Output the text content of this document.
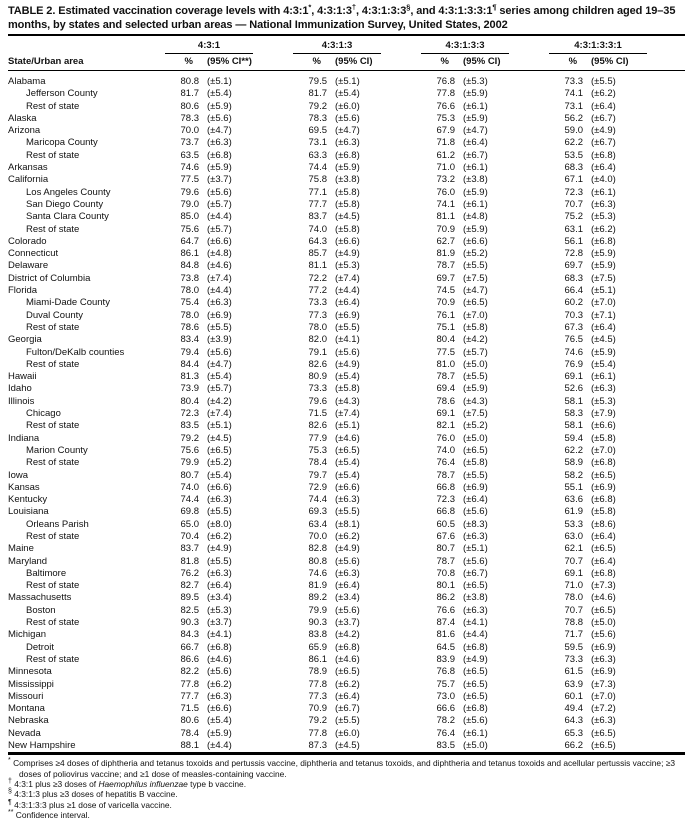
TABLE 2. Estimated vaccination coverage levels with 4:3:1*, 4:3:1:3†, 4:3:1:3:3§, and 4:3:1:3:3:1¶ series among children aged 19–35 months, by states and selected urban areas — National Immunization Survey, United States, 2002

	4:3:1		4:3:1:3		4:3:1:3:3		4:3:1:3:3:1	

State/Urban area	%	(95% CI**)	%	(95% CI)	%	(95% CI)	%	(95% CI)
Alabama	80.8	(±5.1)	79.5	(±5.1)	76.8	(±5.3)	73.3	(±5.5)
Jefferson County	81.7	(±5.4)	81.7	(±5.4)	77.8	(±5.9)	74.1	(±6.2)
Rest of state	80.6	(±5.9)	79.2	(±6.0)	76.6	(±6.1)	73.1	(±6.4)
Alaska	78.3	(±5.6)	78.3	(±5.6)	75.3	(±5.9)	56.2	(±6.7)
Arizona	70.0	(±4.7)	69.5	(±4.7)	67.9	(±4.7)	59.0	(±4.9)
Maricopa County	73.7	(±6.3)	73.1	(±6.3)	71.8	(±6.4)	62.2	(±6.7)
Rest of state	63.5	(±6.8)	63.3	(±6.8)	61.2	(±6.7)	53.5	(±6.8)
Arkansas	74.6	(±5.9)	74.4	(±5.9)	71.0	(±6.1)	68.3	(±6.4)
California	77.5	(±3.7)	75.8	(±3.8)	73.2	(±3.8)	67.1	(±4.0)
Los Angeles County	79.6	(±5.6)	77.1	(±5.8)	76.0	(±5.9)	72.3	(±6.1)
San Diego County	79.0	(±5.7)	77.7	(±5.8)	74.1	(±6.1)	70.7	(±6.3)
Santa Clara County	85.0	(±4.4)	83.7	(±4.5)	81.1	(±4.8)	75.2	(±5.3)
Rest of state	75.6	(±5.7)	74.0	(±5.8)	70.9	(±5.9)	63.1	(±6.2)
Colorado	64.7	(±6.6)	64.3	(±6.6)	62.7	(±6.6)	56.1	(±6.8)
Connecticut	86.1	(±4.8)	85.7	(±4.9)	81.9	(±5.2)	72.8	(±5.9)
Delaware	84.8	(±4.6)	81.1	(±5.3)	78.7	(±5.5)	69.7	(±5.9)
District of Columbia	73.8	(±7.4)	72.2	(±7.4)	69.7	(±7.5)	68.3	(±7.5)
Florida	78.0	(±4.4)	77.2	(±4.4)	74.5	(±4.7)	66.4	(±5.1)
Miami-Dade County	75.4	(±6.3)	73.3	(±6.4)	70.9	(±6.5)	60.2	(±7.0)
Duval County	78.0	(±6.9)	77.3	(±6.9)	76.1	(±7.0)	70.3	(±7.1)
Rest of state	78.6	(±5.5)	78.0	(±5.5)	75.1	(±5.8)	67.3	(±6.4)
Georgia	83.4	(±3.9)	82.0	(±4.1)	80.4	(±4.2)	76.5	(±4.5)
Fulton/DeKalb counties	79.4	(±5.6)	79.1	(±5.6)	77.5	(±5.7)	74.6	(±5.9)
Rest of state	84.4	(±4.7)	82.6	(±4.9)	81.0	(±5.0)	76.9	(±5.4)
Hawaii	81.3	(±5.4)	80.9	(±5.4)	78.7	(±5.5)	69.1	(±6.1)
Idaho	73.9	(±5.7)	73.3	(±5.8)	69.4	(±5.9)	52.6	(±6.3)
Illinois	80.4	(±4.2)	79.6	(±4.3)	78.6	(±4.3)	58.1	(±5.3)
Chicago	72.3	(±7.4)	71.5	(±7.4)	69.1	(±7.5)	58.3	(±7.9)
Rest of state	83.5	(±5.1)	82.6	(±5.1)	82.1	(±5.2)	58.1	(±6.6)
Indiana	79.2	(±4.5)	77.9	(±4.6)	76.0	(±5.0)	59.4	(±5.8)
Marion County	75.6	(±6.5)	75.3	(±6.5)	74.0	(±6.5)	62.2	(±7.0)
Rest of state	79.9	(±5.2)	78.4	(±5.4)	76.4	(±5.8)	58.9	(±6.8)
Iowa	80.7	(±5.4)	79.7	(±5.4)	78.7	(±5.5)	58.2	(±6.5)
Kansas	74.0	(±6.6)	72.9	(±6.6)	66.8	(±6.9)	55.1	(±6.9)
Kentucky	74.4	(±6.3)	74.4	(±6.3)	72.3	(±6.4)	63.6	(±6.8)
Louisiana	69.8	(±5.5)	69.3	(±5.5)	66.8	(±5.6)	61.9	(±5.8)
Orleans Parish	65.0	(±8.0)	63.4	(±8.1)	60.5	(±8.3)	53.3	(±8.6)
Rest of state	70.4	(±6.2)	70.0	(±6.2)	67.6	(±6.3)	63.0	(±6.4)
Maine	83.7	(±4.9)	82.8	(±4.9)	80.7	(±5.1)	62.1	(±6.5)
Maryland	81.8	(±5.5)	80.8	(±5.6)	78.7	(±5.6)	70.7	(±6.4)
Baltimore	76.2	(±6.3)	74.6	(±6.3)	70.8	(±6.7)	69.1	(±6.8)
Rest of state	82.7	(±6.4)	81.9	(±6.4)	80.1	(±6.5)	71.0	(±7.3)
Massachusetts	89.5	(±3.4)	89.2	(±3.4)	86.2	(±3.8)	78.0	(±4.6)
Boston	82.5	(±5.3)	79.9	(±5.6)	76.6	(±6.3)	70.7	(±6.5)
Rest of state	90.3	(±3.7)	90.3	(±3.7)	87.4	(±4.1)	78.8	(±5.0)
Michigan	84.3	(±4.1)	83.8	(±4.2)	81.6	(±4.4)	71.7	(±5.6)
Detroit	66.7	(±6.8)	65.9	(±6.8)	64.5	(±6.8)	59.5	(±6.9)
Rest of state	86.6	(±4.6)	86.1	(±4.6)	83.9	(±4.9)	73.3	(±6.3)
Minnesota	82.2	(±5.6)	78.9	(±6.5)	76.8	(±6.5)	61.5	(±6.9)
Mississippi	77.8	(±6.2)	77.8	(±6.2)	75.7	(±6.5)	63.9	(±7.3)
Missouri	77.7	(±6.3)	77.3	(±6.4)	73.0	(±6.5)	60.1	(±7.0)
Montana	71.5	(±6.6)	70.9	(±6.7)	66.6	(±6.8)	49.4	(±7.2)
Nebraska	80.6	(±5.4)	79.2	(±5.5)	78.2	(±5.6)	64.3	(±6.3)
Nevada	78.4	(±5.9)	77.8	(±6.0)	76.4	(±6.1)	65.3	(±6.5)
New Hampshire	88.1	(±4.4)	87.3	(±4.5)	83.5	(±5.0)	66.2	(±6.5)
* Comprises ≥4 doses of diphtheria and tetanus toxoids and pertussis vaccine, diphtheria and tetanus toxoids, and diphtheria and tetanus toxoids and acellular pertussis vaccine; ≥3 doses of poliovirus vaccine; and ≥1 dose of measles-containing vaccine.
† 4:3:1 plus ≥3 doses of Haemophilus influenzae type b vaccine.
§ 4:3:1:3 plus ≥3 doses of hepatitis B vaccine.
¶ 4:3:1:3:3 plus ≥1 dose of varicella vaccine.
** Confidence interval.
